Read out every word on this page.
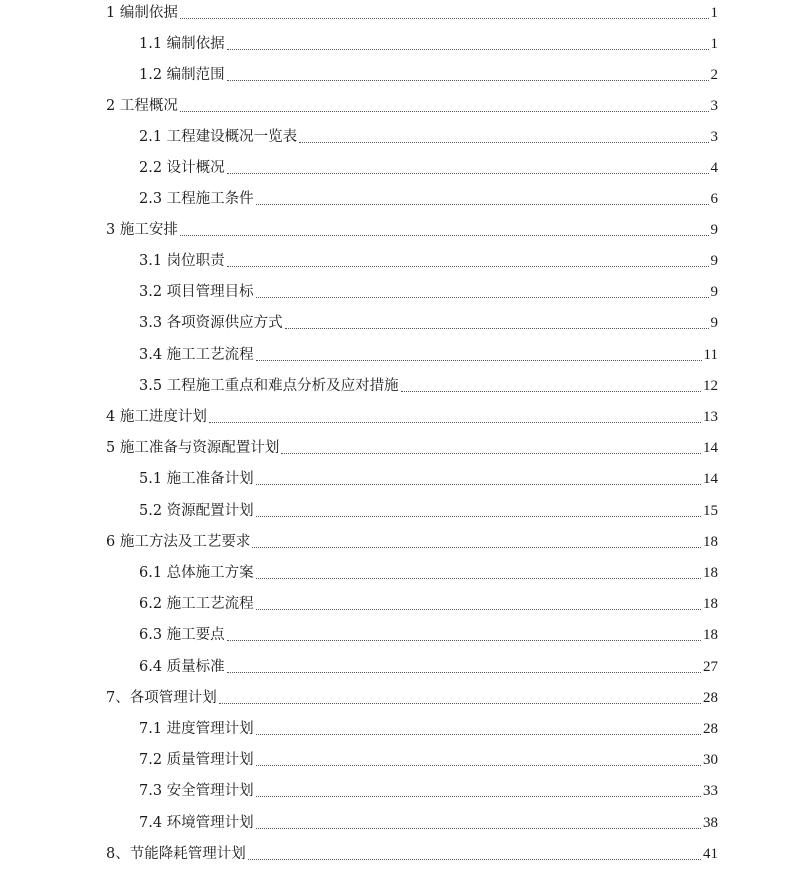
1 编制依据	1
1.1 编制依据	1
1.2 编制范围	2
2 工程概况	3
2.1 工程建设概况一览表	3
2.2 设计概况	4
2.3 工程施工条件	6
3 施工安排	9
3.1 岗位职责	9
3.2 项目管理目标	9
3.3 各项资源供应方式	9
3.4 施工工艺流程	11
3.5 工程施工重点和难点分析及应对措施	12
4 施工进度计划	13
5 施工准备与资源配置计划	14
5.1 施工准备计划	14
5.2 资源配置计划	15
6 施工方法及工艺要求	18
6.1 总体施工方案	18
6.2 施工工艺流程	18
6.3 施工要点	18
6.4 质量标准	27
7、各项管理计划	28
7.1 进度管理计划	28
7.2 质量管理计划	30
7.3 安全管理计划	33
7.4 环境管理计划	38
8、节能降耗管理计划	41
